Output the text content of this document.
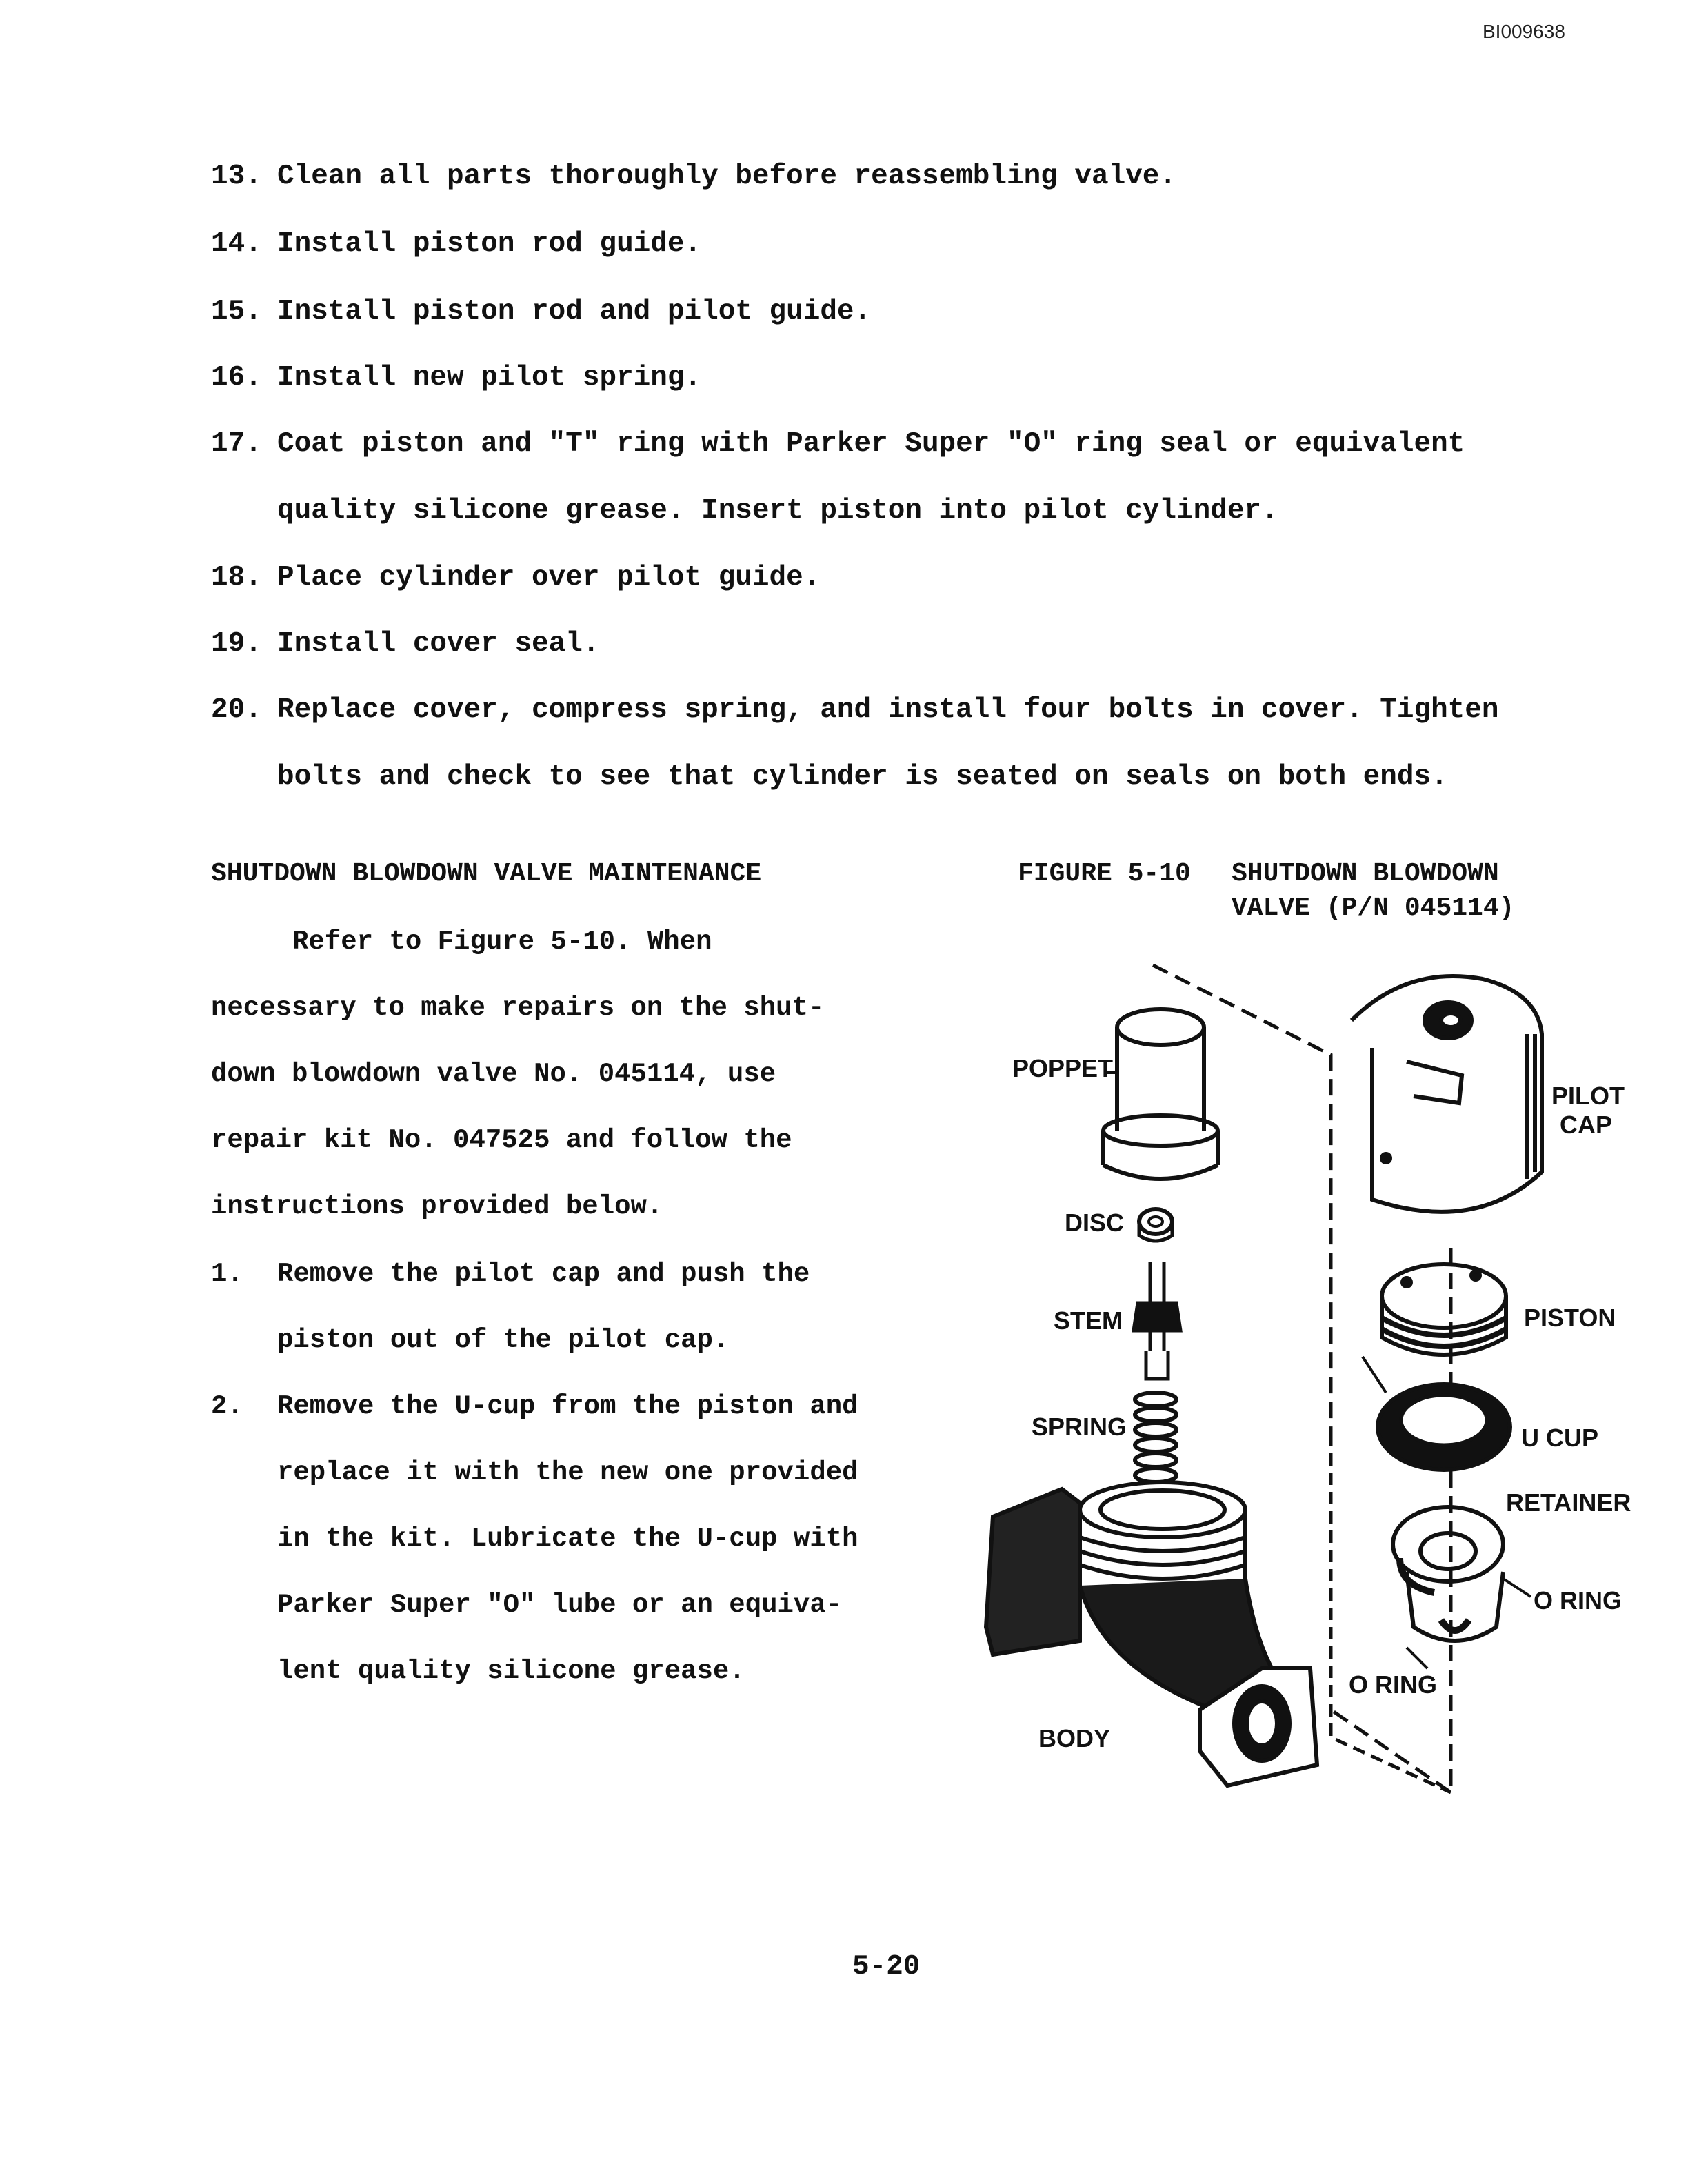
BI009638
13. Clean all parts thoroughly before reassembling valve.
14. Install piston rod guide.
15. Install piston rod and pilot guide.
16. Install new pilot spring.
17. Coat piston and "T" ring with Parker Super "O" ring seal or equivalent
quality silicone grease. Insert piston into pilot cylinder.
18. Place cylinder over pilot guide.
19. Install cover seal.
20. Replace cover, compress spring, and install four bolts in cover. Tighten
bolts and check to see that cylinder is seated on seals on both ends.
SHUTDOWN BLOWDOWN VALVE MAINTENANCE
Refer to Figure 5-10. When
necessary to make repairs on the shut-
down blowdown valve No. 045114, use
repair kit No. 047525 and follow the
instructions provided below.
1. Remove the pilot cap and push the
piston out of the pilot cap.
2. Remove the U-cup from the piston and
replace it with the new one provided
in the kit. Lubricate the U-cup with
Parker Super "O" lube or an equiva-
lent quality silicone grease.
FIGURE 5-10 SHUTDOWN BLOWDOWN
VALVE (P/N 045114)
POPPET
DISC
STEM
SPRING
BODY
PILOT
CAP
PISTON
U CUP
RETAINER
O RING
O RING
5-20
